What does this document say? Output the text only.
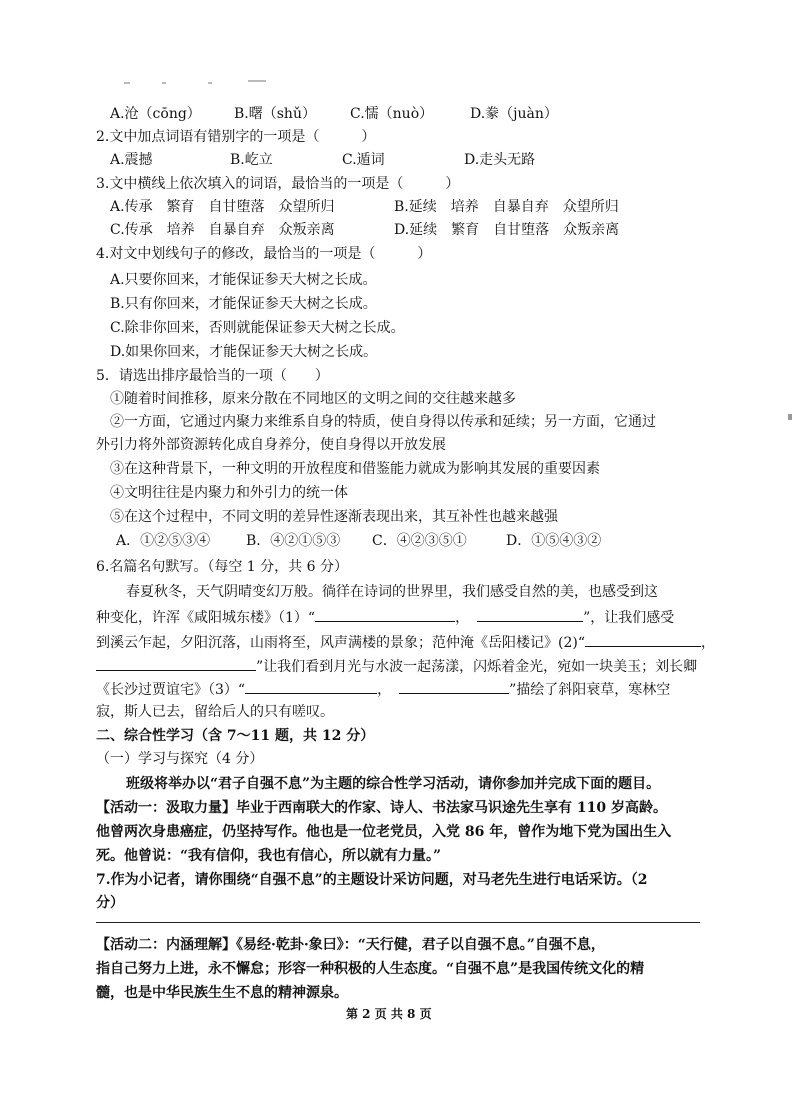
A.沧（cōng） B.曙（shǔ） C.懦（nuò）	D.豢（juàn）
2.文中加点词语有错别字的一项是（　　　）
A.震撼	B.屹立	C.遁词	D.走头无路
3.文中横线上依次填入的词语，最恰当的一项是（　　　）
A.传承　繁育　自甘堕落　众望所归	B.延续　培养　自暴自弃　众望所归
C.传承　培养　自暴自弃　众叛亲离	D.延续　繁育　自甘堕落　众叛亲离
4.对文中划线句子的修改，最恰当的一项是（　　　）
A.只要你回来，才能保证参天大树之长成。
B.只有你回来，才能保证参天大树之长成。
C.除非你回来，否则就能保证参天大树之长成。
D.如果你回来，才能保证参天大树之长成。
5．请选出排序最恰当的一项（　　）
①随着时间推移，原来分散在不同地区的文明之间的交往越来越多
②一方面，它通过内聚力来维系自身的特质，使自身得以传承和延续；另一方面，它通过
外引力将外部资源转化成自身养分，使自身得以开放发展
③在这种背景下，一种文明的开放程度和借鉴能力就成为影响其发展的重要因素
④文明往往是内聚力和外引力的统一体
⑤在这个过程中，不同文明的差异性逐渐表现出来，其互补性也越来越强
A．①②⑤③④	B．④②①⑤③ C．④②③⑤①	D．①⑤④③②
6.名篇名句默写。（每空 1 分，共 6 分）
春夏秋冬，天气阴晴变幻万般。徜徉在诗词的世界里，我们感受自然的美，也感受到这
种变化，许浑《咸阳城东楼》（1）“	，	”，让我们感受
到溪云乍起，夕阳沉落，山雨将至，风声满楼的景象；范仲淹《岳阳楼记》(2)“	，
”让我们看到月光与水波一起荡漾，闪烁着金光，宛如一块美玉；刘长卿
《长沙过贾谊宅》（3）“	，	”描绘了斜阳衰草，寒林空
寂，斯人已去，留给后人的只有嗟叹。
二、综合性学习（含 7～11 题，共 12 分）
（一）学习与探究（4 分）
班级将举办以“君子自强不息”为主题的综合性学习活动，请你参加并完成下面的题目。
【活动一：汲取力量】毕业于西南联大的作家、诗人、书法家马识途先生享有 110 岁高龄。
他曾两次身患癌症，仍坚持写作。他也是一位老党员，入党 86 年，曾作为地下党为国出生入
死。他曾说：“我有信仰，我也有信心，所以就有力量。”
7.作为小记者，请你围绕“自强不息”的主题设计采访问题，对马老先生进行电话采访。（2
分）
【活动二：内涵理解】《易经·乾卦·象曰》：“天行健，君子以自强不息。”自强不息，
指自己努力上进，永不懈怠；形容一种积极的人生态度。“自强不息”是我国传统文化的精
髓，也是中华民族生生不息的精神源泉。
第 2 页 共 8 页
